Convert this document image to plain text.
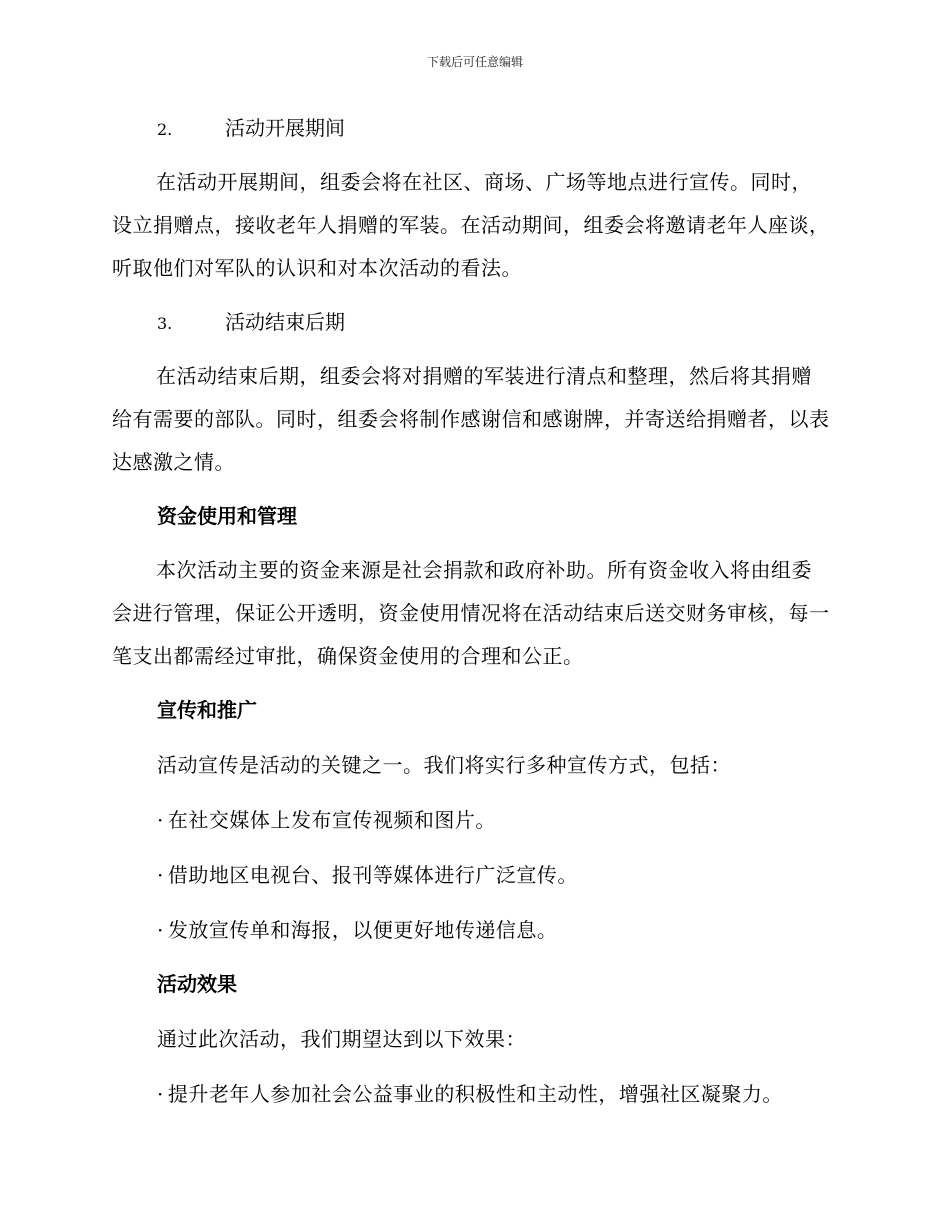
下载后可任意编辑
2.	活动开展期间
在活动开展期间，组委会将在社区、商场、广场等地点进行宣传。同时，设立捐赠点，接收老年人捐赠的军装。在活动期间，组委会将邀请老年人座谈，听取他们对军队的认识和对本次活动的看法。
3.	活动结束后期
在活动结束后期，组委会将对捐赠的军装进行清点和整理，然后将其捐赠给有需要的部队。同时，组委会将制作感谢信和感谢牌，并寄送给捐赠者，以表达感激之情。
资金使用和管理
本次活动主要的资金来源是社会捐款和政府补助。所有资金收入将由组委会进行管理，保证公开透明，资金使用情况将在活动结束后送交财务审核，每一笔支出都需经过审批，确保资金使用的合理和公正。
宣传和推广
活动宣传是活动的关键之一。我们将实行多种宣传方式，包括：
· 在社交媒体上发布宣传视频和图片。
· 借助地区电视台、报刊等媒体进行广泛宣传。
· 发放宣传单和海报，以便更好地传递信息。
活动效果
通过此次活动，我们期望达到以下效果：
· 提升老年人参加社会公益事业的积极性和主动性，增强社区凝聚力。
